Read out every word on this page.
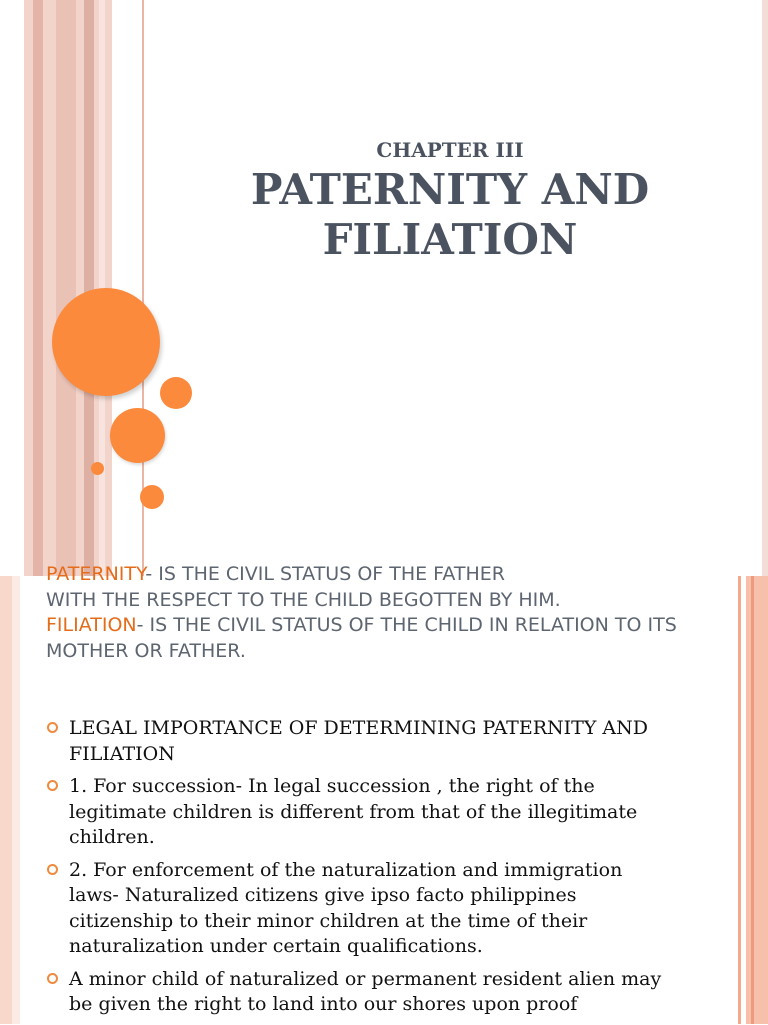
CHAPTER III
PATERNITY AND
FILIATION
PATERNITY- IS THE CIVIL STATUS OF THE FATHER
WITH THE RESPECT TO THE CHILD BEGOTTEN BY HIM.
FILIATION- IS THE CIVIL STATUS OF THE CHILD IN RELATION TO ITS MOTHER OR FATHER.
LEGAL IMPORTANCE OF DETERMINING PATERNITY AND FILIATION
1. For succession- In legal succession , the right of the legitimate children is different from that of the illegitimate children.
2. For enforcement of the naturalization and immigration laws- Naturalized citizens give ipso facto philippines citizenship to their minor children at the time of their naturalization under certain qualifications.
A minor child of naturalized or permanent resident alien may be given the right to land into our shores upon proof
